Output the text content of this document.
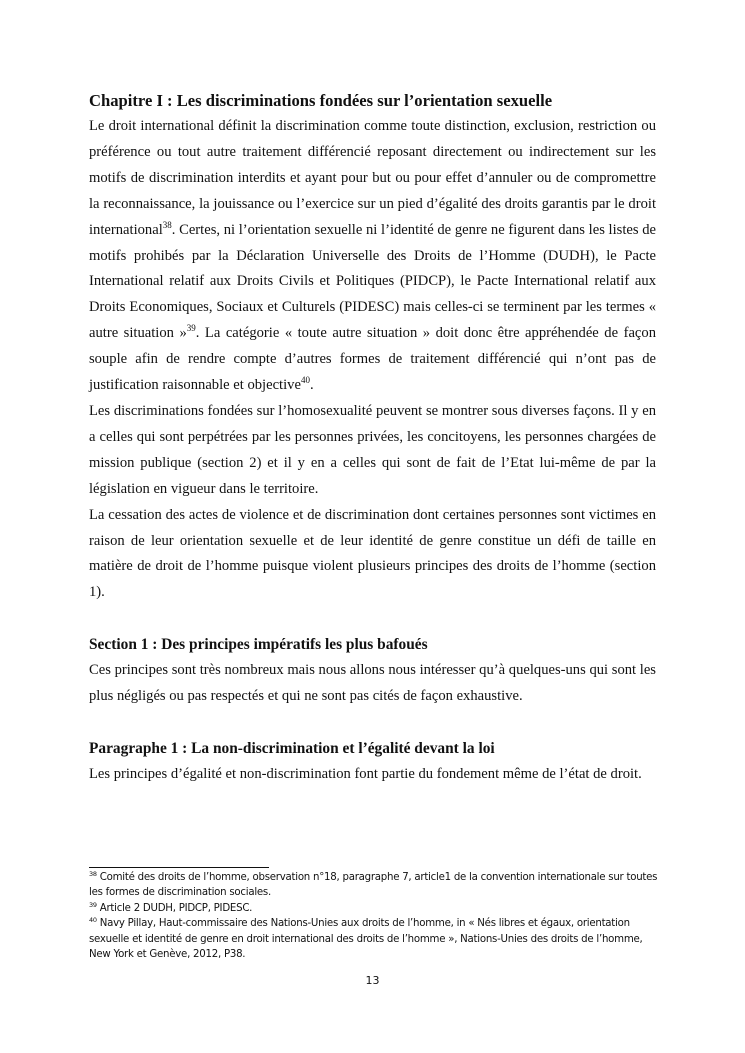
Chapitre I : Les discriminations fondées sur l’orientation sexuelle

Le droit international définit la discrimination comme toute distinction, exclusion, restriction ou préférence ou tout autre traitement différencié reposant directement ou indirectement sur les motifs de discrimination interdits et ayant pour but ou pour effet d’annuler ou de compromettre la reconnaissance, la jouissance ou l’exercice sur un pied d’égalité des droits garantis par le droit international$^{38}$. Certes, ni l’orientation sexuelle ni l’identité de genre ne figurent dans les listes de motifs prohibés par la Déclaration Universelle des Droits de l’Homme (DUDH), le Pacte International relatif aux Droits Civils et Politiques (PIDCP), le Pacte International relatif aux Droits Economiques, Sociaux et Culturels (PIDESC) mais celles-ci se terminent par les termes « autre situation »$^{39}$. La catégorie « toute autre situation » doit donc être appréhendée de façon souple afin de rendre compte d’autres formes de traitement différencié qui n’ont pas de justification raisonnable et objective$^{40}$.

Les discriminations fondées sur l’homosexualité peuvent se montrer sous diverses façons. Il y en a celles qui sont perpétrées par les personnes privées, les concitoyens, les personnes chargées de mission publique (section 2) et il y en a celles qui sont de fait de l’Etat lui-même de par la législation en vigueur dans le territoire.

La cessation des actes de violence et de discrimination dont certaines personnes sont victimes en raison de leur orientation sexuelle et de leur identité de genre constitue un défi de taille en matière de droit de l’homme puisque violent plusieurs principes des droits de l’homme (section 1).

Section 1 : Des principes impératifs les plus bafoués

Ces principes sont très nombreux mais nous allons nous intéresser qu’à quelques-uns qui sont les plus négligés ou pas respectés et qui ne sont pas cités de façon exhaustive.

Paragraphe 1 : La non-discrimination et l’égalité devant la loi

Les principes d’égalité et non-discrimination font partie du fondement même de l’état de droit.

$^{38}$ Comité des droits de l’homme, observation n°18, paragraphe 7, article1 de la convention internationale sur toutes les formes de discrimination sociales.

$^{39}$ Article 2 DUDH, PIDCP, PIDESC.

$^{40}$ Navy Pillay, Haut-commissaire des Nations-Unies aux droits de l’homme, in « Nés libres et égaux, orientation sexuelle et identité de genre en droit international des droits de l’homme », Nations-Unies des droits de l’homme, New York et Genève, 2012, P38.

13
